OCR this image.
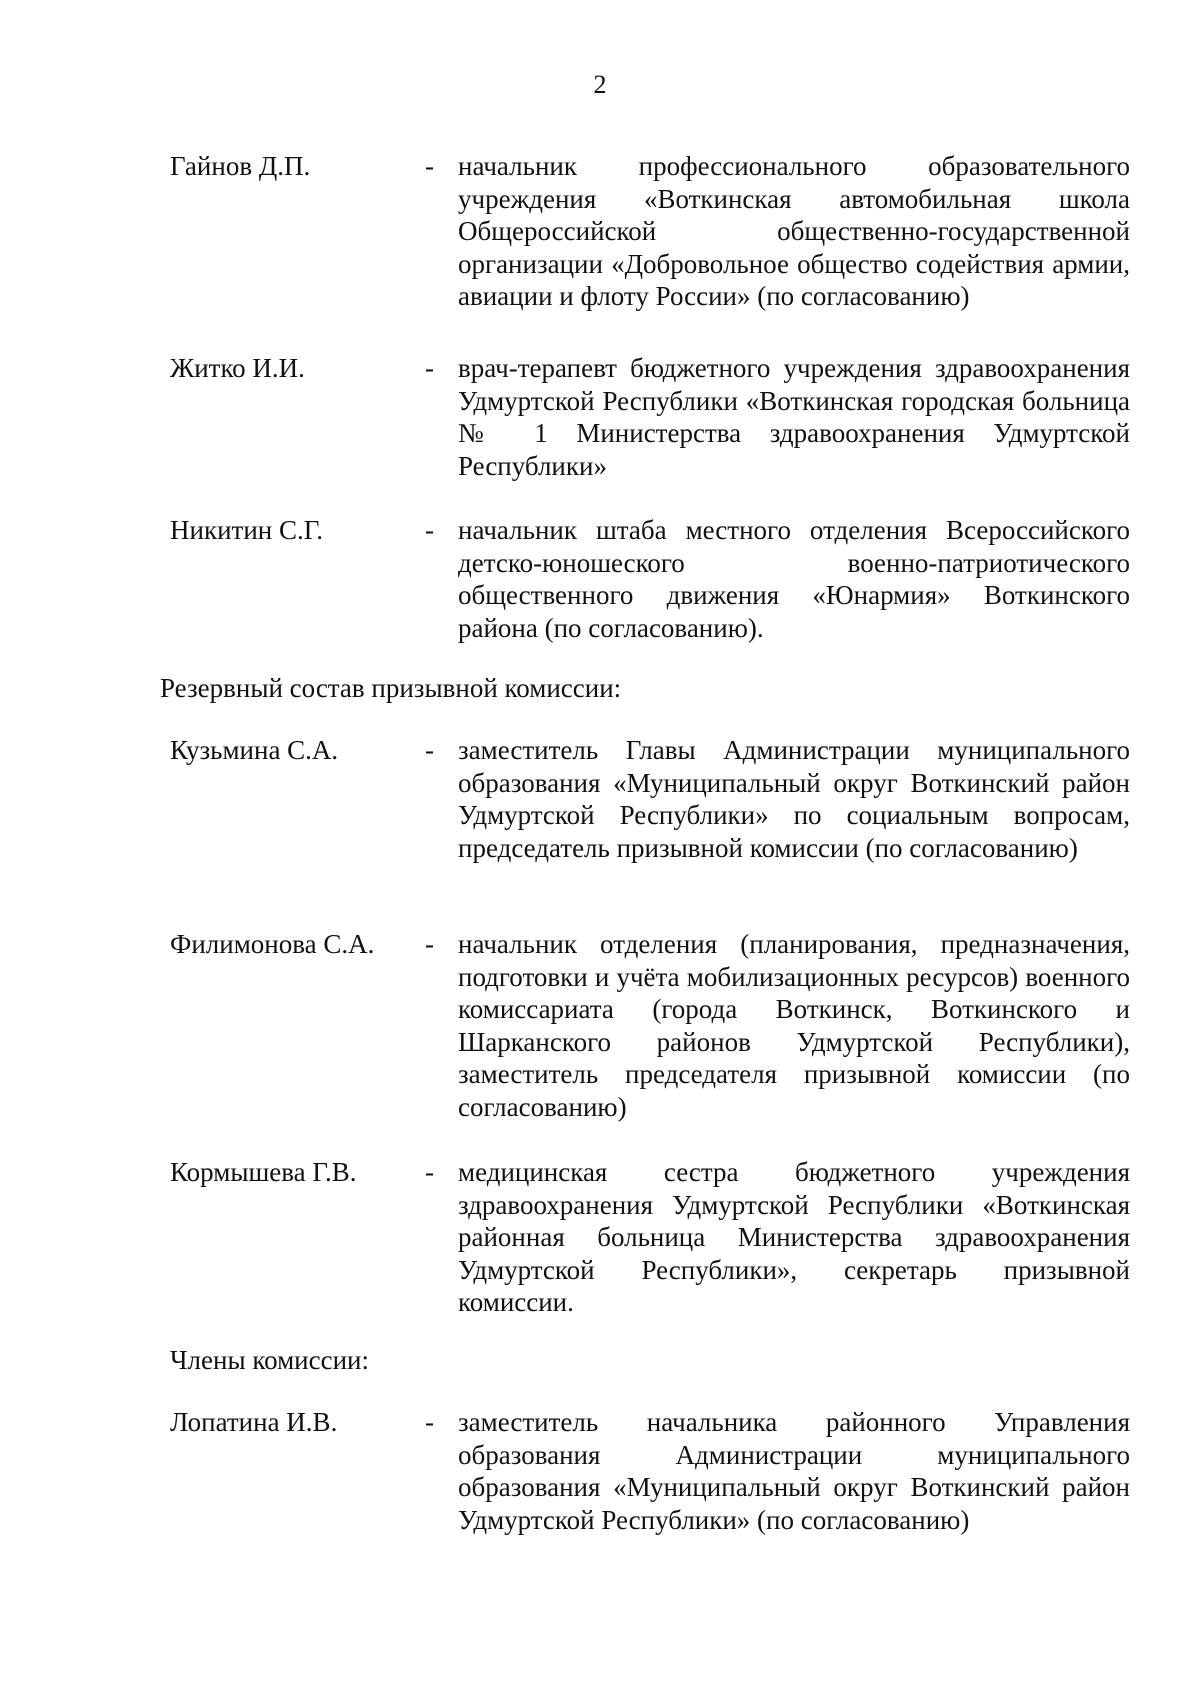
2
Гайнов Д.П.	- начальник профессионального образовательного учреждения «Воткинская автомобильная школа Общероссийской общественно-государственной организации «Добровольное общество содействия армии, авиации и флоту России» (по согласованию)
Житко И.И.	- врач-терапевт бюджетного учреждения здравоохранения Удмуртской Республики «Воткинская городская больница № 1 Министерства здравоохранения Удмуртской Республики»
Никитин С.Г.	- начальник штаба местного отделения Всероссийского детско-юношеского военно-патриотического общественного движения «Юнармия» Воткинского района (по согласованию).
Резервный состав призывной комиссии:
Кузьмина С.А.	- заместитель Главы Администрации муниципального образования «Муниципальный округ Воткинский район Удмуртской Республики» по социальным вопросам, председатель призывной комиссии (по согласованию)
Филимонова С.А. - начальник отделения (планирования, предназначения, подготовки и учёта мобилизационных ресурсов) военного комиссариата (города Воткинск, Воткинского и Шарканского районов Удмуртской Республики), заместитель председателя призывной комиссии (по согласованию)
Кормышева Г.В.	- медицинская сестра бюджетного учреждения здравоохранения Удмуртской Республики «Воткинская районная больница Министерства здравоохранения Удмуртской Республики», секретарь призывной комиссии.
Члены комиссии:
Лопатина И.В.	- заместитель начальника районного Управления образования Администрации муниципального образования «Муниципальный округ Воткинский район Удмуртской Республики» (по согласованию)
